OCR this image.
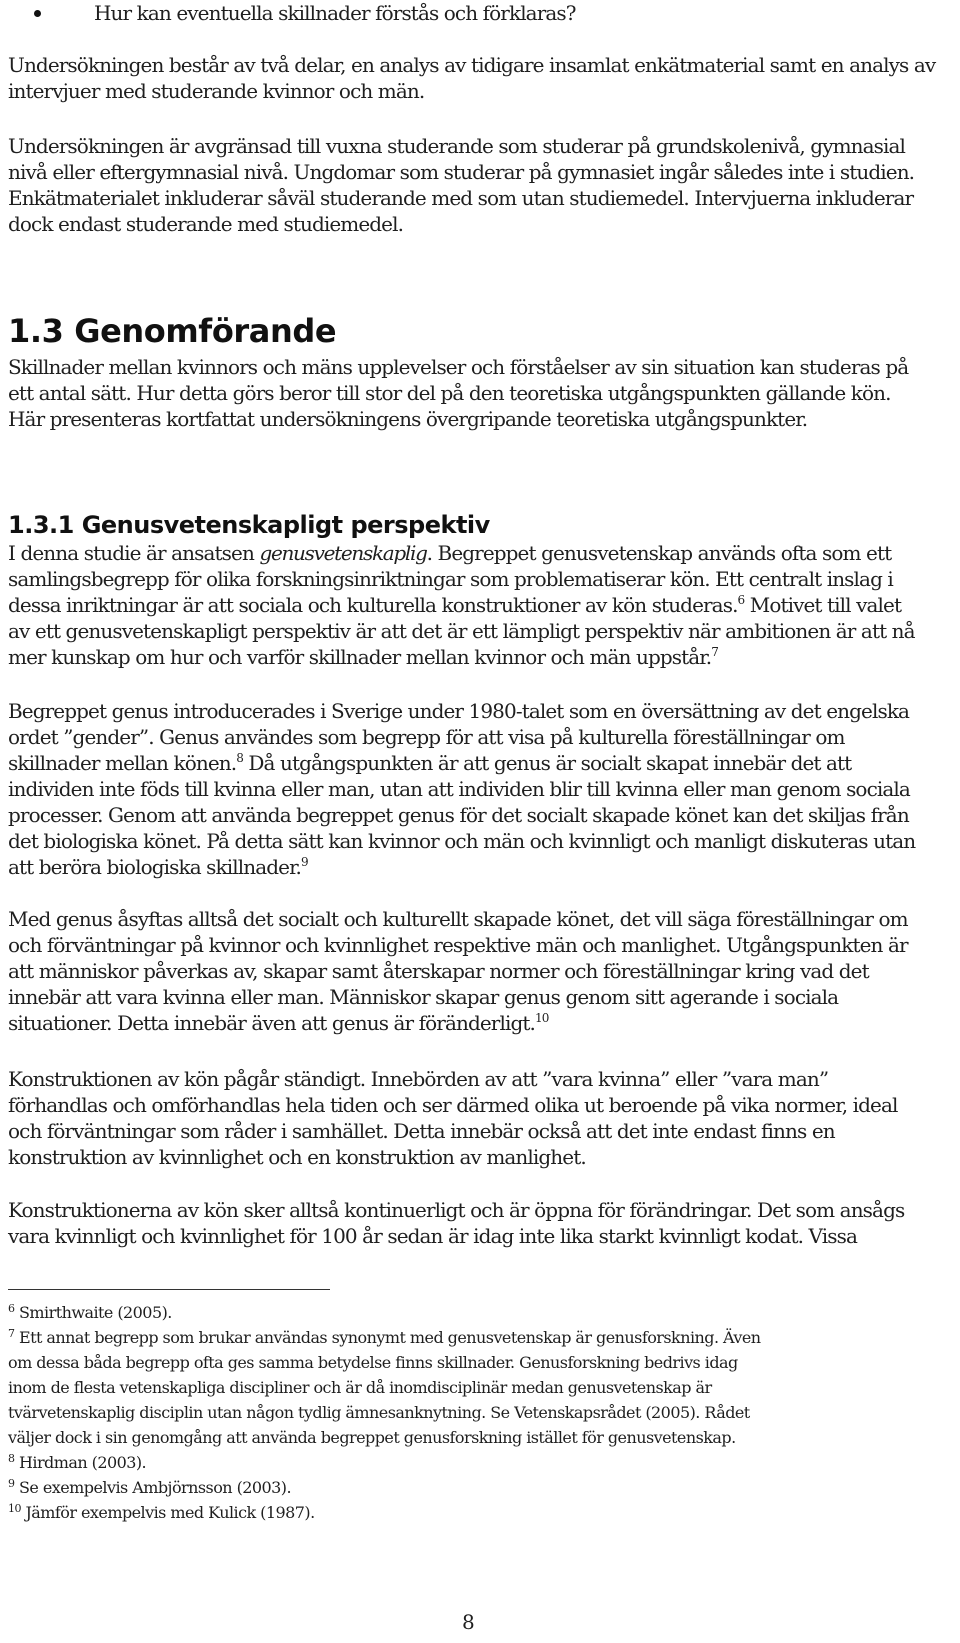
Hur kan eventuella skillnader förstås och förklaras?
Undersökningen består av två delar, en analys av tidigare insamlat enkätmaterial samt en analys av
intervjuer med studerande kvinnor och män.
Undersökningen är avgränsad till vuxna studerande som studerar på grundskolenivå, gymnasial
nivå eller eftergymnasial nivå. Ungdomar som studerar på gymnasiet ingår således inte i studien.
Enkätmaterialet inkluderar såväl studerande med som utan studiemedel. Intervjuerna inkluderar
dock endast studerande med studiemedel.
1.3 Genomförande
Skillnader mellan kvinnors och mäns upplevelser och förståelser av sin situation kan studeras på
ett antal sätt. Hur detta görs beror till stor del på den teoretiska utgångspunkten gällande kön.
Här presenteras kortfattat undersökningens övergripande teoretiska utgångspunkter.
1.3.1 Genusvetenskapligt perspektiv
I denna studie är ansatsen genusvetenskaplig. Begreppet genusvetenskap används ofta som ett
samlingsbegrepp för olika forskningsinriktningar som problematiserar kön. Ett centralt inslag i
dessa inriktningar är att sociala och kulturella konstruktioner av kön studeras.$^6$ Motivet till valet
av ett genusvetenskapligt perspektiv är att det är ett lämpligt perspektiv när ambitionen är att nå
mer kunskap om hur och varför skillnader mellan kvinnor och män uppstår.$^7$
Begreppet genus introducerades i Sverige under 1980-talet som en översättning av det engelska
ordet ”gender”. Genus användes som begrepp för att visa på kulturella föreställningar om
skillnader mellan könen.$^8$ Då utgångspunkten är att genus är socialt skapat innebär det att
individen inte föds till kvinna eller man, utan att individen blir till kvinna eller man genom sociala
processer. Genom att använda begreppet genus för det socialt skapade könet kan det skiljas från
det biologiska könet. På detta sätt kan kvinnor och män och kvinnligt och manligt diskuteras utan
att beröra biologiska skillnader.$^9$
Med genus åsyftas alltså det socialt och kulturellt skapade könet, det vill säga föreställningar om
och förväntningar på kvinnor och kvinnlighet respektive män och manlighet. Utgångspunkten är
att människor påverkas av, skapar samt återskapar normer och föreställningar kring vad det
innebär att vara kvinna eller man. Människor skapar genus genom sitt agerande i sociala
situationer. Detta innebär även att genus är föränderligt.$^{10}$
Konstruktionen av kön pågår ständigt. Innebörden av att ”vara kvinna” eller ”vara man”
förhandlas och omförhandlas hela tiden och ser därmed olika ut beroende på vika normer, ideal
och förväntningar som råder i samhället. Detta innebär också att det inte endast finns en
konstruktion av kvinnlighet och en konstruktion av manlighet.
Konstruktionerna av kön sker alltså kontinuerligt och är öppna för förändringar. Det som ansågs
vara kvinnligt och kvinnlighet för 100 år sedan är idag inte lika starkt kvinnligt kodat. Vissa
$^6$ Smirthwaite (2005).
$^7$ Ett annat begrepp som brukar användas synonymt med genusvetenskap är genusforskning. Även
om dessa båda begrepp ofta ges samma betydelse finns skillnader. Genusforskning bedrivs idag
inom de flesta vetenskapliga discipliner och är då inomdisciplinär medan genusvetenskap är
tvärvetenskaplig disciplin utan någon tydlig ämnesanknytning. Se Vetenskapsrådet (2005). Rådet
väljer dock i sin genomgång att använda begreppet genusforskning istället för genusvetenskap.
$^8$ Hirdman (2003).
$^9$ Se exempelvis Ambjörnsson (2003).
$^{10}$ Jämför exempelvis med Kulick (1987).
8
